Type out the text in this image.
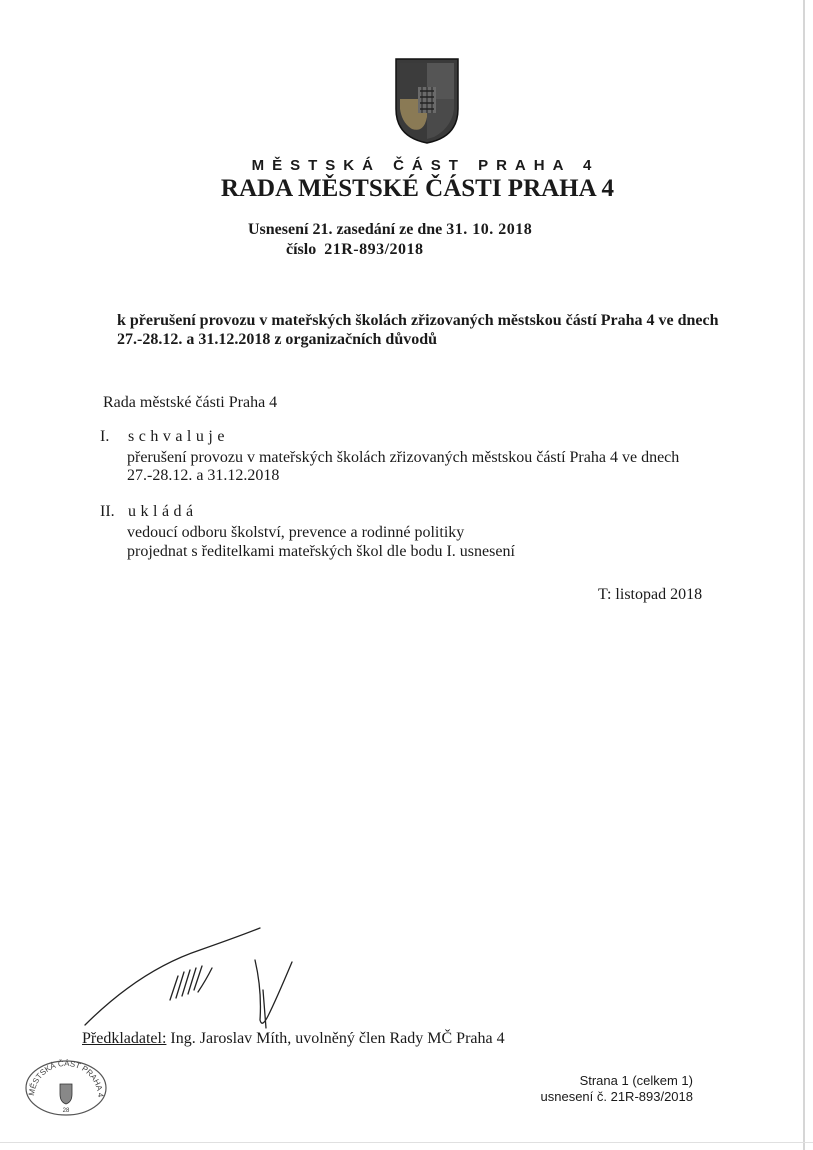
MĚSTSKÁ ČÁST PRAHA 4
RADA MĚSTSKÉ ČÁSTI PRAHA 4
Usnesení 21. zasedání ze dne 31. 10. 2018
číslo 21R-893/2018
k přerušení provozu v mateřských školách zřizovaných městskou částí Praha 4 ve dnech
27.-28.12. a 31.12.2018 z organizačních důvodů
Rada městské části Praha 4
I. schvaluje
přerušení provozu v mateřských školách zřizovaných městskou částí Praha 4 ve dnech
27.-28.12. a 31.12.2018
II. ukládá
vedoucí odboru školství, prevence a rodinné politiky
projednat s ředitelkami mateřských škol dle bodu I. usnesení
T: listopad 2018
Předkladatel: Ing. Jaroslav Míth, uvolněný člen Rady MČ Praha 4
MĚSTSKÁ ČÁST PRAHA 4
28
Strana 1 (celkem 1)
usnesení č. 21R-893/2018
